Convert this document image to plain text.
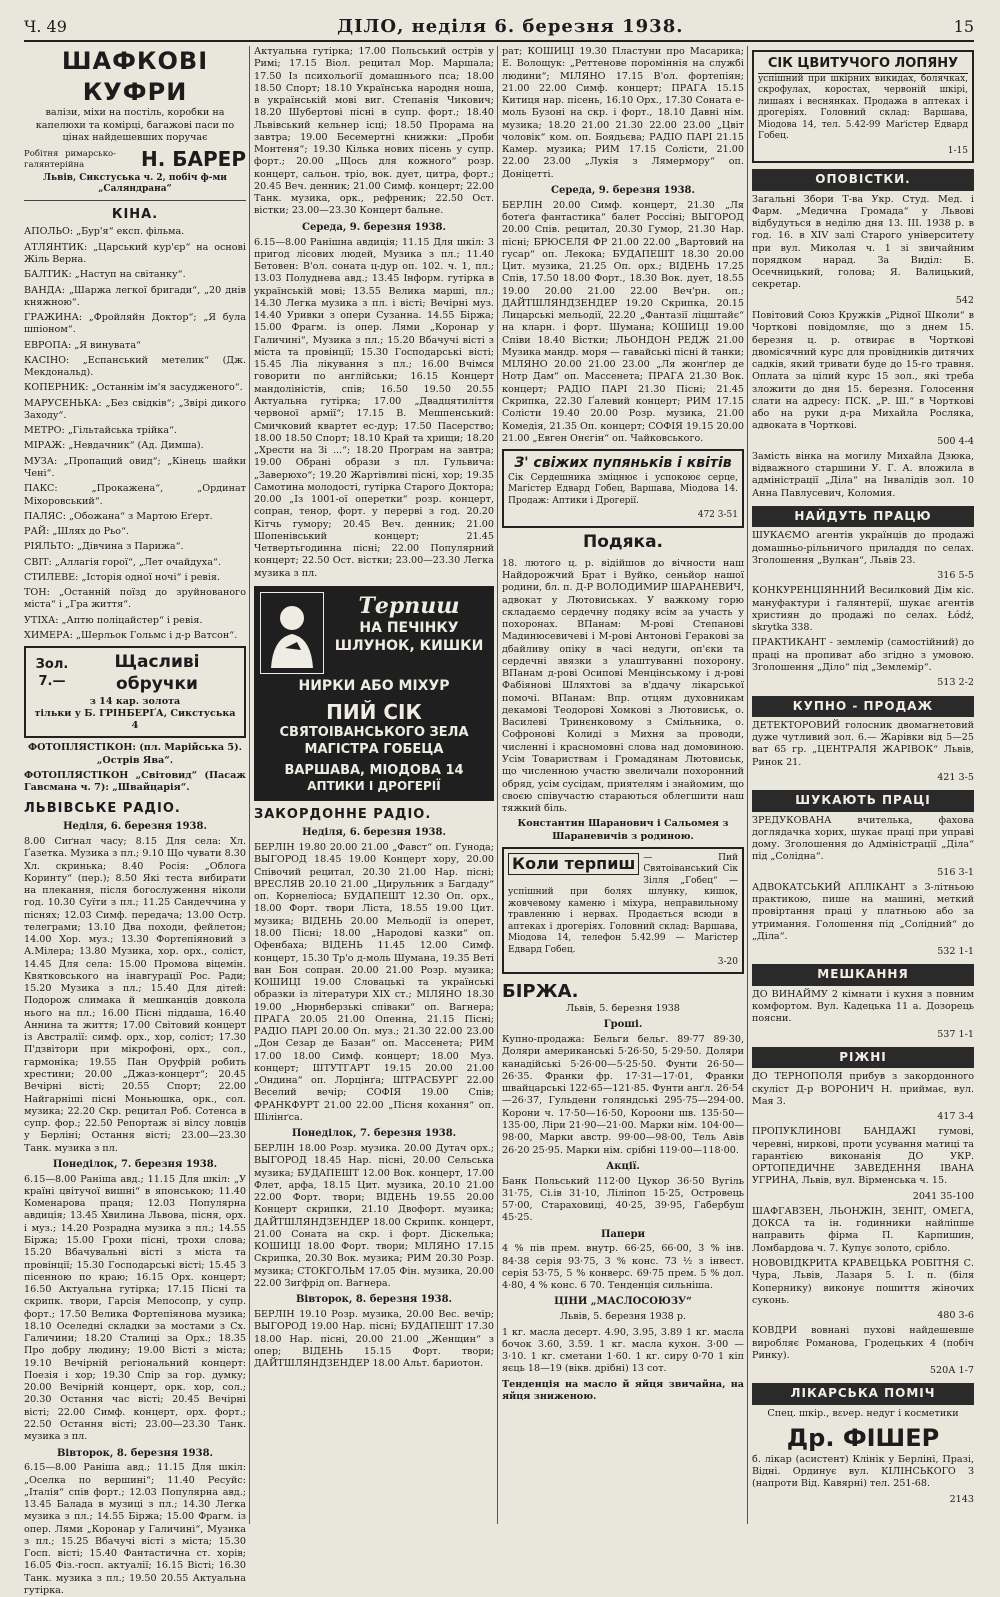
Ч. 49	ДІЛО, неділя 6. березня 1938.	15
ШАФКОВІ КУФРИ

валізи, міхи на постіль, коробки на капелюхи та комірці, багажові паси по цінах найдешевших поручає

Робітня римарсько-галянтерійна	Н. БАРЕР

Львів, Сикстуська ч. 2, побіч ф-ми „Саляндрана“

КІНА.

АПОЛЬО: „Бур'я“ експ. фільма.

АТЛЯНТИК: „Царський кур'єр“ на основі Жіль Верна.

БАЛТИК: „Наступ на світанку“.

ВАНДА: „Шаржа легкої бригади“, „20 днів княжною“.

ГРАЖИНА: „Фройляйн Доктор“; „Я була шпіоном“.

ЕВРОПА: „Я винувата“

КАСІНО: „Еспанський метелик“ (Дж. Мекдональд).

КОПЕРНИК: „Останнім ім'я засудженого“.

МАРУСЕНЬКА: „Без свідків“; „Звірі дикого Заходу“.

МЕТРО: „Гільтайська трійка“.

МІРАЖ: „Невдачник“ (Ад. Димша).

МУЗА: „Пропащий овид“; „Кінець шайки Чені“.

ПАКС: „Прокажена“, „Ординат Міхоровський“.

ПАЛЯС: „Обожана“ з Мартою Еґерт.

РАЙ: „Шлях до Рьо“.

РІЯЛЬТО: „Дівчина з Парижа“.

СВІТ: „Аллагія горої“, „Лет очайдуха“.

СТИЛЕВЕ: „Історія одної ночі“ і ревія.

ТОН: „Останній поїзд до зруйнованого міста“ і „Гра життя“.

УТІХА: „Аптю поліцайстер“ і ревія.

ХИМЕРА: „Шерльок Гольмс і д-р Ватсон“.

Зол. 7.—
Щасливі обручки

з 14 кар. золота

тільки у Б. ГРІНБЕРҐА, Сикстуська 4

ФОТОПЛЯСТІКОН: (пл. Марійська 5). „Острів Ява“.

ФОТОПЛЯСТІКОН „Світовид“ (Пасаж Гавсмана ч. 7): „Швайцарія“.

ЛЬВІВСЬКЕ РАДІО.
Неділя, 6. березня 1938.

8.00 Сиґнал часу; 8.15 Для села: Хл. Ґазетка. Музика з пл.; 9.10 Що чувати 8.30 Хл. скринька; 8.40 Росія: „Облога Коринту“ (пер.); 8.50 Які теста вибирати на плекання, після богослуження ніколи год. 10.30 Суїти з пл.; 11.25 Сандеччина у піснях; 12.03 Симф. передача; 13.00 Остр. телеграми; 13.10 Два походи, фейлетон; 14.00 Хор. муз.; 13.30 Фортепіяновий з А.Мілера; 13.80 Музика, хор. орх., соліст, 14.45 Для села: 15.00 Промова віцемін. Квятковського на інавгурації Рос. Ради; 15.20 Музика з пл.; 15.40 Для дітей: Подорож слимака й мешканців довкола нього на пл.; 16.00 Пісні піддаша, 16.40 Аннина та життя; 17.00 Світовий концерт із Австралії: симф. орх., хор, соліст; 17.30 П'дзвітори при мікрофоні, орх., сол., гармоніка; 19.55 Пан Оруфрій робить хрестини; 20.00 „Джаз-концерт“; 20.45 Вечірні вісті; 20.55 Спорт; 22.00 Найгарніші пісні Моньюшка, орк., сол. музика; 22.20 Скр. рецитал Роб. Сотенса в супр. фор.; 22.50 Репортаж зі вілсу ловців у Берліні; Остання вісті; 23.00—23.30 Танк. музика з пл.

Понеділок, 7. березня 1938.

6.15—8.00 Раніша авд.; 11.15 Для шкіл: „У країні цвітучої вишні“ в японською; 11.40 Коменарова праця; 12.03 Популярна авдиція; 13.45 Хвилина Львова, пісня, орх. і муз.; 14.20 Розрадна музика з пл.; 14.55 Біржа; 15.00 Грохи пісні, трохи слова; 15.20 Вбачувальні вісті з міста та провінції; 15.30 Господарські вісті; 15.45 З пісенною по краю; 16.15 Орх. концерт; 16.50 Актуальна гутірка; 17.15 Пісні та скрипк. твори, Гарсія Мепосопр, у супр. форт.; 17.50 Велика Фортепіянова музика; 18.10 Оселедні складки за мостами з Сх. Галичини; 18.20 Сталиці за Орх.; 18.35 Про добру людину; 19.00 Вісті з міста; 19.10 Вечірній регіональний концерт: Поезія і хор; 19.30 Спір за гор. думку; 20.00 Вечірній концерт, орк. хор, сол.; 20.30 Остання час вісті; 20.45 Вечірні вісті; 22.00 Симф. концерт, орх. форт.; 22.50 Остання вісті; 23.00—23.30 Танк. музика з пл.

Вівторок, 8. березня 1938.

6.15—8.00 Раніша авд.; 11.15 Для шкіл: „Оселка по вершині“; 11.40 Ресуйс: „Італія“ спів форт.; 12.03 Популярна авд.; 13.45 Балада в музиці з пл.; 14.30 Легка музика з пл.; 14.55 Біржа; 15.00 Фрагм. із опер. Лями „Коронар у Галичині“, Музика з пл.; 15.25 Вбачучі вісті з міста; 15.30 Госп. вісті; 15.40 Фантастична ст. хорів; 16.05 Фіз.-госп. актуалії; 16.15 Вісті; 16.30 Танк. музика з пл.; 19.50 20.55 Актуальна гутірка.

Актуальна гутірка; 17.00 Польський острів у Римі; 17.15 Віол. рецитал Мор. Маршала; 17.50 Із психольоґії домашнього пса; 18.00 18.50 Спорт; 18.10 Українська народня ноша, в українській мові виг. Степанія Чикович; 18.20 Шубертові пісні в супр. форт.; 18.40 Львівський кельнер ісці; 18.50 Прорама на завтра; 19.00 Бесемертні книжки: „Проби Монтеня“; 19.30 Кілька нових пісень у супр. форт.; 20.00 „Щось для кожного“ розр. концерт, сальон. тріо, вок. дует, цитра, форт.; 20.45 Веч. денник; 21.00 Симф. концерт; 22.00 Танк. музика, орк., рефреник; 22.50 Ост. вістки; 23.00—23.30 Концерт бальне.

Середа, 9. березня 1938.

6.15—8.00 Ранішна авдиція; 11.15 Для шкіл: 3 пригод лісових людей, Музика з пл.; 11.40 Бетовен: В'ол. соната ц-дур оп. 102. ч. 1, пл.; 13.03 Полуднева авд.; 13.45 Інформ. гутірка в українській мові; 13.55 Велика марші, пл.; 14.30 Легка музика з пл. і вісті; Вечірні муз. 14.40 Уривки з опери Сузанна. 14.55 Біржа; 15.00 Фрагм. із опер. Лями „Коронар у Галичині“, Музика з пл.; 15.20 Вбачучі вісті з міста та провінції; 15.30 Господарські вісті; 15.45 Ліа лікування з пл.; 16.00 Вчімся говорити по англійськи; 16.15 Концерт мандоліністів, спів; 16.50 19.50 20.55 Актуальна гутірка; 17.00 „Двадцятиліття червоної армії“; 17.15 В. Мешпенський: Смичковий квартет ес-дур; 17.50 Пасерство; 18.00 18.50 Спорт; 18.10 Край та хрищи; 18.20 „Хрести на Зі ...“; 18.20 Програм на завтра; 19.00 Обрані образи з пл. Гульвича: „Заверюхо“; 19.20 Жартівливі пісні, хор; 19.35 Самотина молодості, гутірка Старого Доктора; 20.00 „Із 1001-ої оперетки“ розр. концерт, сопран, тенор, форт. у перерві з год. 20.20 Кітчь гумору; 20.45 Веч. денник; 21.00 Шопенівський концерт; 21.45 Четвертьгодинна пісні; 22.00 Популярний концерт; 22.50 Ост. вістки; 23.00—23.30 Легка музика з пл.

Терпиш
НА ПЕЧІНКУ
ШЛУНОК, КИШКИ
НИРКИ АБО МІХУР
ПИЙ СІК
СВЯТОІВАНСЬКОГО ЗЕЛА
МАГІСТРА ГОБЕЦА
ВАРШАВА, МІОДОВА 14
АПТИКИ І ДРОГЕРІЇ
ЗАКОРДОННЕ РАДІО.
Неділя, 6. березня 1938.

БЕРЛІН 19.80 20.00 21.00 „Фавст“ оп. Гунода; ВЫГОРОД 18.45 19.00 Концерт хору, 20.00 Співочий рецитал, 20.30 21.00 Нар. пісні; ВРЕСЛЯВ 20.10 21.00 „Цирульник з Багдаду“ оп. Корнеліоса; БУДАПЕШТ 12.30 Оп. орх., 18.00 Форт. твори Ліста, 18.55 19.00 Цит. музика; ВІДЕНЬ 20.00 Мельодії із оперет, 18.00 Пісні; 18.00 „Народові казки“ оп. Офенбаха; ВІДЕНЬ 11.45 12.00 Симф. концерт, 15.30 Тр'о д-моль Шумана, 19.35 Веті ван Бон сопран. 20.00 21.00 Розр. музика; КОШИЦІ 19.00 Словацькі та українські образки із літератури ХІХ ст.; МІЛЯНО 18.30 19.00 „Нюрнберзькі співаки“ оп. Вагнера; ПРАГА 20.05 21.00 Опенна, 21.15 Пісні; РАДІО ПАРІ 20.00 Оп. муз.; 21.30 22.00 23.00 „Дон Сезар де Базан“ оп. Массенета; РИМ 17.00 18.00 Симф. концерт; 18.00 Муз. концерт; ШТУТГАРТ 19.15 20.00 21.00 „Ондина“ оп. Лорцінґа; ШТРАСБУРГ 22.00 Веселий вечір; СОФІЯ 19.00 Спів; ФРАНКФУРТ 21.00 22.00 „Пісня кохання“ оп. Шілінґса.

Понеділок, 7. березня 1938.

БЕРЛІН 18.00 Розр. музика. 20.00 Дутач орх.; ВЫГОРОД 18.45 Нар. пісні, 20.00 Сельська музика; БУДАПЕШТ 12.00 Вок. концерт, 17.00 Флет, арфа, 18.15 Цит. музика, 20.10 21.00 22.00 Форт. твори; ВІДЕНЬ 19.55 20.00 Концерт скрипки, 21.10 Двофорт. музика; ДАЙТШЛЯНДЗЕНДЕР 18.00 Скрипк. концерт, 21.00 Соната на скр. і форт. Діскелька; КОШИЦІ 18.00 Форт. твори; МІЛЯНО 17.15 Скрипка, 20.30 Вок. музика; РИМ 20.30 Розр. музика; СТОКГОЛЬМ 17.05 Фін. музика, 20.00 22.00 Зиґфрід оп. Вагнера.

Вівторок, 8. березня 1938.

БЕРЛІН 19.10 Розр. музика, 20.00 Вес. вечір; ВЫГОРОД 19.00 Нар. пісні; БУДАПЕШТ 17.30 18.00 Нар. пісні, 20.00 21.00 „Женщин“ з опер; ВІДЕНЬ 15.15 Форт. твори; ДАЙТШЛЯНДЗЕНДЕР 18.00 Альт. бариотон.

рат; КОШИЦІ 19.30 Пластуни про Масарика; Е. Волощук: „Реттенове пороміннія на службі людини“; МІЛЯНО 17.15 В'ол. фортепіян; 21.00 22.00 Симф. концерт; ПРАГА 15.15 Китиця нар. пісень, 16.10 Орх., 17.30 Соната е-моль Бузоні на скр. і форт., 18.10 Давні нім. музика; 18.20 21.00 21.30 22.00 23.00 „Цвіт чоловік“ ком. оп. Боядьєва; РАДІО ПАРІ 21.15 Камер. музика; РИМ 17.15 Солісти, 21.00 22.00 23.00 „Лукія з Лямермору“ оп. Доніцетті.

Середа, 9. березня 1938.

БЕРЛІН 20.00 Симф. концерт, 21.30 „Ля ботеґа фантастика“ балет Россіні; ВЫГОРОД 20.00 Спів. рецитал, 20.30 Гумор, 21.30 Нар. пісні; БРЮСЕЛЯ ФР 21.00 22.00 „Вартовий на гусар“ оп. Лекока; БУДАПЕШТ 18.30 20.00 Цит. музика, 21.25 Оп. орх.; ВІДЕНЬ 17.25 Спів, 17.50 18.00 Форт., 18.30 Вок. дует, 18.55 19.00 20.00 21.00 22.00 Веч'рн. оп.; ДАЙТШЛЯНДЗЕНДЕР 19.20 Скрипка, 20.15 Лицарські мельодії, 22.20 „Фантазії ліцштайє“ на кларн. і форт. Шумана; КОШИЦІ 19.00 Співи 18.40 Вістки; ЛЬОНДОН РЕДЖ 21.00 Музика мандр. моря — гавайські пісні й танки; МІЛЯНО 20.00 21.00 23.00 „Ля жонґлер де Нотр Дам“ оп. Массенета; ПРАГА 21.30 Вок. концерт; РАДІО ПАРІ 21.30 Пісні; 21.45 Скрипка, 22.30 Ґалевий концерт; РИМ 17.15 Солісти 19.40 20.00 Розр. музика, 21.00 Комедія, 21.35 Оп. концерт; СОФІЯ 19.15 20.00 21.00 „Евген Онєгін“ оп. Чайковського.

З' свіжих пупяньків і квітів

Сік Сердешника зміцнює і успокоює серце, Магістер Едвард Гобец, Варшава, Міодова 14. Продаж: Аптики і Дрогерії.

472 3-51

Подяка.

18. лютого ц. р. відійшов до вічности наш Найдорожчий Брат і Вуйко, сеньйор нашої родини, бл. п. Д-Р ВОЛОДИМИР ШАРАНЕВИЧ, адвокат у Лютовиськах. У важкому горю складаємо сердечну подяку всім за участь у похоронах. ВПанам: М-рові Степанові Мадинюсевичеві і М-рові Антонові Геракові за дбайливу опіку в часі недуги, оп'єки та сердечні звязки з улаштуванні похорону. ВПанам д-рові Осипові Менцінському і д-рові Фабіянові Шляхтові за в'ддачу лікарської помочі. ВПанам: Впр. отцям духовникам декамові Теодорові Хомкові з Лютовиськ, о. Василеві Тринєнковому з Смільника, о. Софронові Колиді з Михня за проводи, численні і красномовні слова над домовиною. Усім Товариствам і Громадянам Лютовиськ, що численною участю звеличали похоронний обряд, усім сусідам, приятелям і знайомим, що своєю співучастю стараються облегшити наш тяжкий біль.

Константин Шаранович і Сальомея з Шараневичів з родиною.

Коли терпиш — Пий Святоіванський Сік Зілля „Гобец“ — успішний при болях шлунку, кишок, жовчевому каменю і міхура, неправильному травленню і нервах. Продається всюди в аптеках і дрогеріях. Головний склад: Варшава, Міодова 14, телефон 5.42.99 — Магістер Едвард Гобец.

3-20

БІРЖА.

Львів, 5. березня 1938

Гроші.

Купно-продажа: Бельги бельг. 89·77 89·30, Доляри американські 5·26·50, 5·29·50. Доляри канадійські 5·26·00—5·25·50. Фунти 26·50—26·35. Франки фр. 17·31—17·01, Франки швайцарські 122·65—121·85. Фунти анґл. 26·54—26·37, Гульдени голяндські 295·75—294·00. Корони ч. 17·50—16·50, Короони шв. 135·50—135·00, Ліри 21·90—21·00. Марки нім. 104·00—98·00, Марки австр. 99·00—98·00, Тель Авів 26·20 25·95. Марки нім. срібні 119·00—118·00.

Акції.

Банк Польський 112·00 Цукор 36·50 Вугіль 31·75, Сі.ів 31·10, Ліліпоп 15·25, Островець 57·00, Стараховиці, 40·25, 39·95, Габербуш 45·25.

Папери

4 % пів прем. внутр. 66·25, 66·00, 3 % інв. 84·38 серія 93·75, 3 % конс. 73 ½ з інвест. серія 53·75, 5 % конверс. 69·75 прем. 5 % дол. 4·80, 4 % конс. 6 70. Тенденція сильніша.

ЦІНИ „МАСЛОСОЮЗУ“

Львів, 5. березня 1938 р.

1 кг. масла десерт. 4.90, 3.95, 3.89 1 кг. масла бочок 3.60, 3.59. 1 кг. масла кухон. 3·00 — 3·10. 1 кг. сметани 1·60. 1 кг. сиру 0·70 1 кіп яєць 18—19 (вікв. дрібні) 13 сот.

Тенденція на масло й яйця звичайна, на яйця зниженою.

СІК ЦВИТУЧОГО ЛОПЯНУ

успішний при шкірних викидах, болячках, скрофулах, коростах, червоній шкірі, лишаях і веснянках. Продажа в аптеках і дрогеріях. Головний склад: Варшава, Міодова 14, тел. 5.42-99 Маґістер Едвард Гобец.

1-15

ОПОВІСТКИ.

Загальні Збори Т-ва Укр. Студ. Мед. і Фарм. „Медична Громада“ у Львові відбудуться в неділю дня 13. III. 1938 р. в год. 16. в XIV залі Старого університету при вул. Миколая ч. 1 зі звичайним порядком нарад. За Виділ: Б. Осечницький, голова; Я. Валицький, секретар.

542

Повітовий Союз Кружків „Рідної Школи“ в Чорткові повідомляє, що з днем 15. березня ц. р. отвирає в Чорткові двомісячний курс для провідників дитячих садків, який тривати буде до 15-го травня. Оплата за цілий курс 15 зол., які треба зложити до дня 15. березня. Голосення слати на адресу: ПСК. „Р. Ш.“ в Чорткові або на руки д-ра Михайла Росляка, адвоката в Чорткові.

500 4-4

Замість вінка на могилу Михайла Дзюка, відважного старшини У. Г. А. вложила в адміністрації „Діла“ на Інвалідів зол. 10 Анна Павлусевич, Коломия.

НАЙДУТЬ ПРАЦЮ

ШУКАЄМО агентів українців до продажі домашньо-рільничого приладдя по селах. Зголошення „Вулкан“, Львів 23.

316 5-5

КОНКУРЕНЦІЯННИЙ Весилковий Дім кіс. мануфактури і ґалянтерії, шукає агентів християн до продажі по селах. Łódź, skrytka 338.

ПРАКТИКАНТ - землемір (самостійний) до праці на пропиват або згідно з умовою. Зголошення „Діло“ під „Землемір“.

513 2-2

КУПНО - ПРОДАЖ

ДЕТЕКТОРОВИЙ голосник двомагнетовий дуже чутливий зол. 6.— Жарівки від 5—25 ват 65 гр. „ЦЕНТРАЛЯ ЖАРІВОК“ Львів, Ринок 21.

421 3-5

ШУКАЮТЬ ПРАЦІ

ЗРЕДУКОВАНА вчителька, фахова доглядачка хорих, шукає праці при управі дому. Зголошення до Адміністрації „Діла“ під „Солідна“.

516 3-1

АДВОКАТСЬКИЙ АПЛІКАНТ з 3-літньою практикою, пише на машині, меткий провіртання праці у платньою або за утримання. Голошення під „Солідний“ до „Діла“.

532 1-1

МЕШКАННЯ

ДО ВИНАЙМУ 2 кімнати і кухня з повним комфортом. Вул. Кадецька 11 а. Дозорець поясни.

537 1-1

РІЖНІ

ДО ТЕРНОПОЛЯ прибув з закордонного скуліст Д-р ВОРОНИЧ Н. приймає, вул. Мая 3.

417 3-4

ПРОПУКЛИНОВІ БАНДАЖІ гумові, черевні, ниркові, проти усування матиці та гарантією виконанія ДО УКР. ОРТОПЕДИЧНЕ ЗАВЕДЕННЯ ІВАНА УГРИНА, Львів, вул. Вірменська ч. 15.

2041 35-100

ШАФГАВЗЕН, ЛЬОНЖІН, ЗЕНІТ, ОМЕГА, ДОКСА та ін. годинники найліпше направить фірма П. Карпишин, Ломбардова ч. 7. Купує золото, срібло.

НОВОВІДКРИТА КРАВЕЦЬКА РОБІТНЯ С. Чура, Львів, Лазаря 5. І. п. (біля Копернику) виконує пошиття жіночих суконь.

480 3-6

КОВДРИ вовнані пухові найдешевше виробляє Романова, Гродецьких 4 (побіч Ринку).

520А 1-7

ЛІКАРСЬКА ПОМІЧ

Спец. шкір., вενер. недуг і косметики

Др. ФІШЕР

б. лікар (асистент) Клінік у Берліні, Празі, Відні. Ординує вул. КІЛІНСЬКОГО З (напроти Від. Кавярні) тел. 251-68.

2143
